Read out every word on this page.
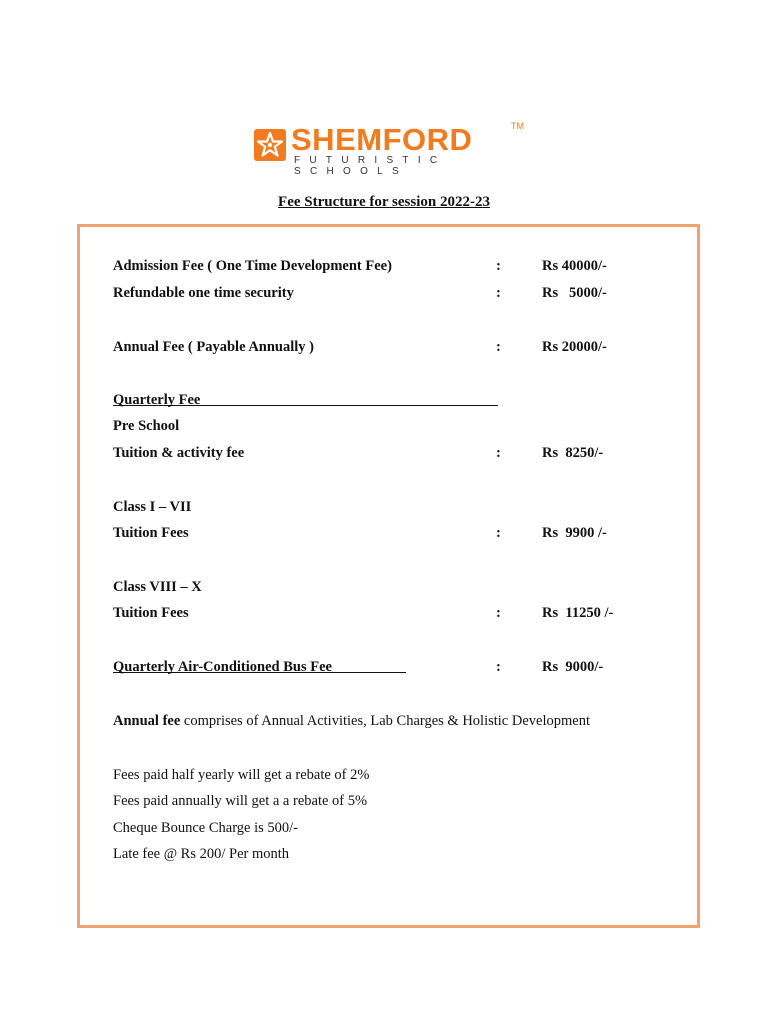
SHEMFORD	TM
FUTURISTIC SCHOOLS
Fee Structure for session 2022-23
Admission Fee ( One Time Development Fee)	:	Rs 40000/-
Refundable one time security	:	Rs   5000/-
Annual Fee ( Payable Annually )	:	Rs 20000/-
Quarterly Fee
Pre School
Tuition & activity fee	:	Rs  8250/-
Class I – VII
Tuition Fees	:	Rs  9900 /-
Class VIII – X
Tuition Fees	:	Rs  11250 /-
Quarterly Air-Conditioned Bus Fee	:	Rs  9000/-
Annual fee comprises of Annual Activities, Lab Charges & Holistic Development
Fees paid half yearly will get a rebate of 2%
Fees paid annually will get a a rebate of 5%
Cheque Bounce Charge is 500/-
Late fee @ Rs 200/ Per month
